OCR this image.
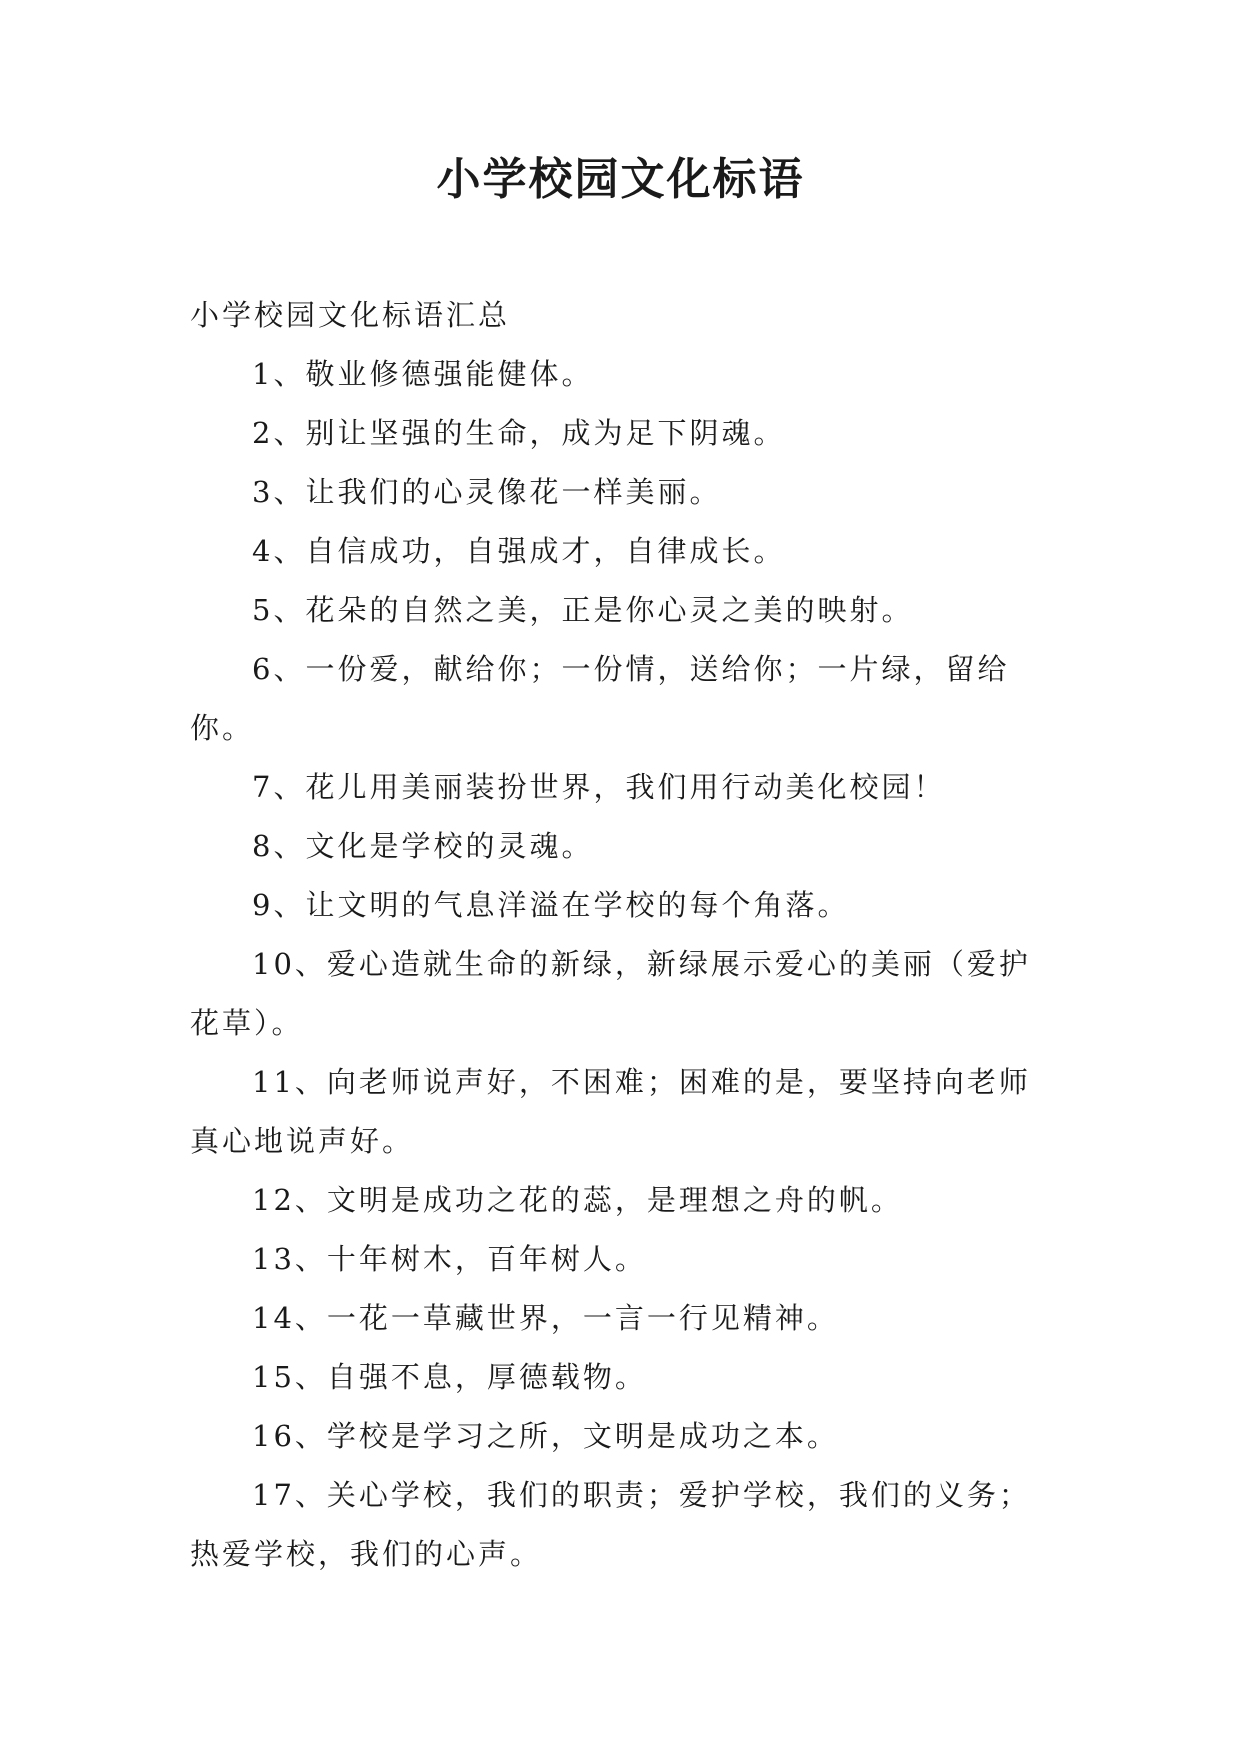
小学校园文化标语

小学校园文化标语汇总

1、敬业修德强能健体。

2、别让坚强的生命，成为足下阴魂。

3、让我们的心灵像花一样美丽。

4、自信成功，自强成才，自律成长。

5、花朵的自然之美，正是你心灵之美的映射。

6、一份爱，献给你；一份情，送给你；一片绿，留给你。

7、花儿用美丽装扮世界，我们用行动美化校园！

8、文化是学校的灵魂。

9、让文明的气息洋溢在学校的每个角落。

10、爱心造就生命的新绿，新绿展示爱心的美丽（爱护花草）。

11、向老师说声好，不困难；困难的是，要坚持向老师真心地说声好。

12、文明是成功之花的蕊，是理想之舟的帆。

13、十年树木，百年树人。

14、一花一草藏世界，一言一行见精神。

15、自强不息，厚德载物。

16、学校是学习之所，文明是成功之本。

17、关心学校，我们的职责；爱护学校，我们的义务；热爱学校，我们的心声。
